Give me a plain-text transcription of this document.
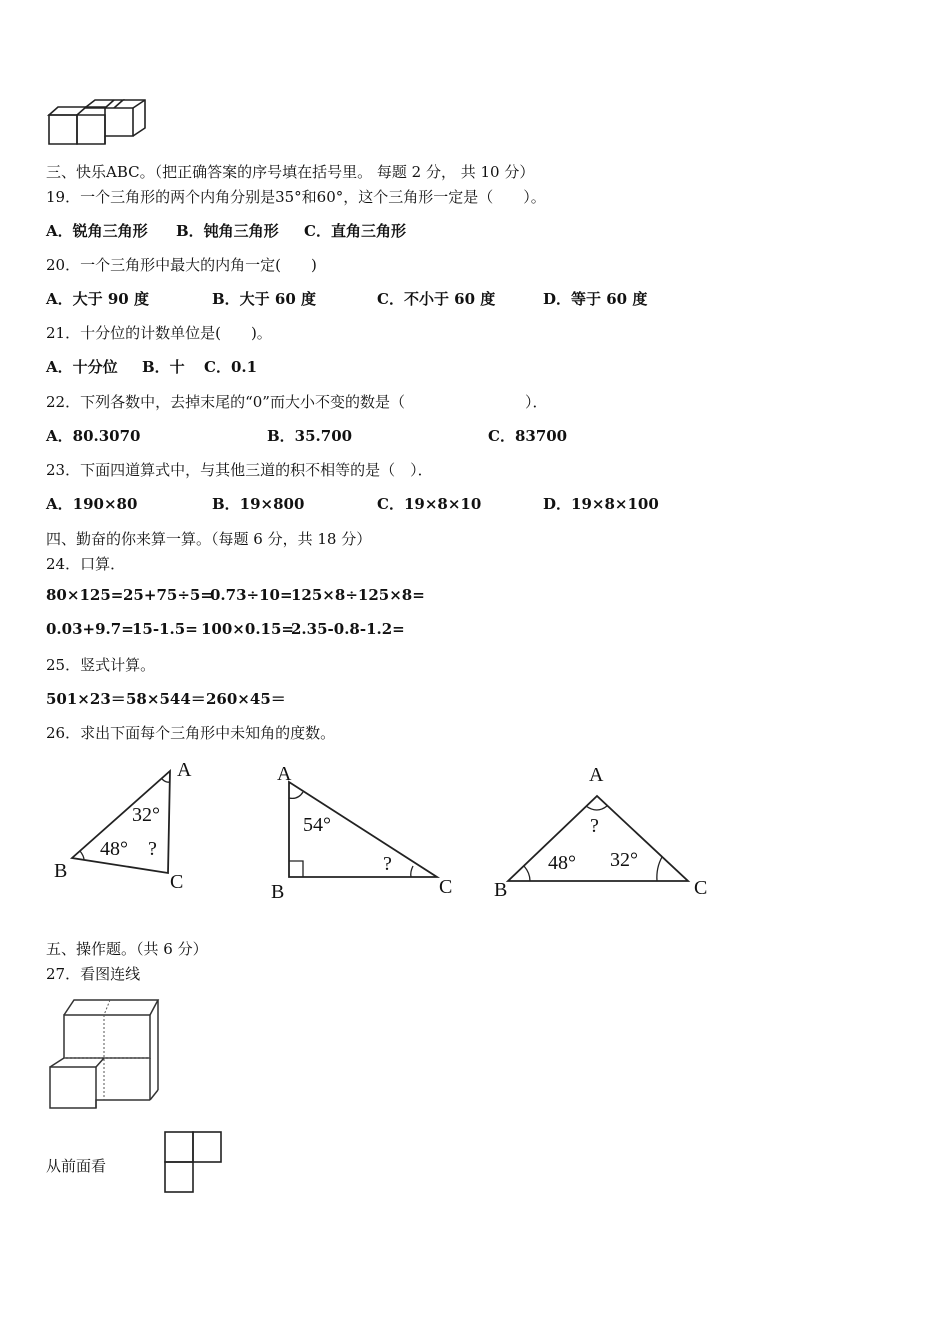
三、快乐ABC。（把正确答案的序号填在括号里。 每题 2 分， 共 10 分）
19．一个三角形的两个内角分别是35°和60°，这个三角形一定是（　　）。
A．锐角三角形 B．钝角三角形 C．直角三角形
20．一个三角形中最大的内角一定(　　)
A．大于 90 度	B．大于 60 度	C．不小于 60 度	D．等于 60 度
21．十分位的计数单位是(　　)。
A．十分位 B．十 C．0.1
22．下列各数中，去掉末尾的“0”而大小不变的数是（　　　　　　　　）．
A．80.3070	B．35.700	C．83700
23．下面四道算式中，与其他三道的积不相等的是（　）．
A．190×80	B．19×800	C．19×8×10	D．19×8×100
四、勤奋的你来算一算。（每题 6 分，共 18 分）
24．口算．
80×125= 25+75÷5=
0.73÷10=
125×8÷125×8=
0.03+9.7=
15-1.5= 100×0.15=
2.35-0.8-1.2=
25．竖式计算。
501×23＝ 58×544＝ 260×45＝
26．求出下面每个三角形中未知角的度数。
A
B	C
32°
48° ?
A
B	C
54°
?
A
B	C
48° 32°
?
五、操作题。（共 6 分）
27．看图连线
从前面看
